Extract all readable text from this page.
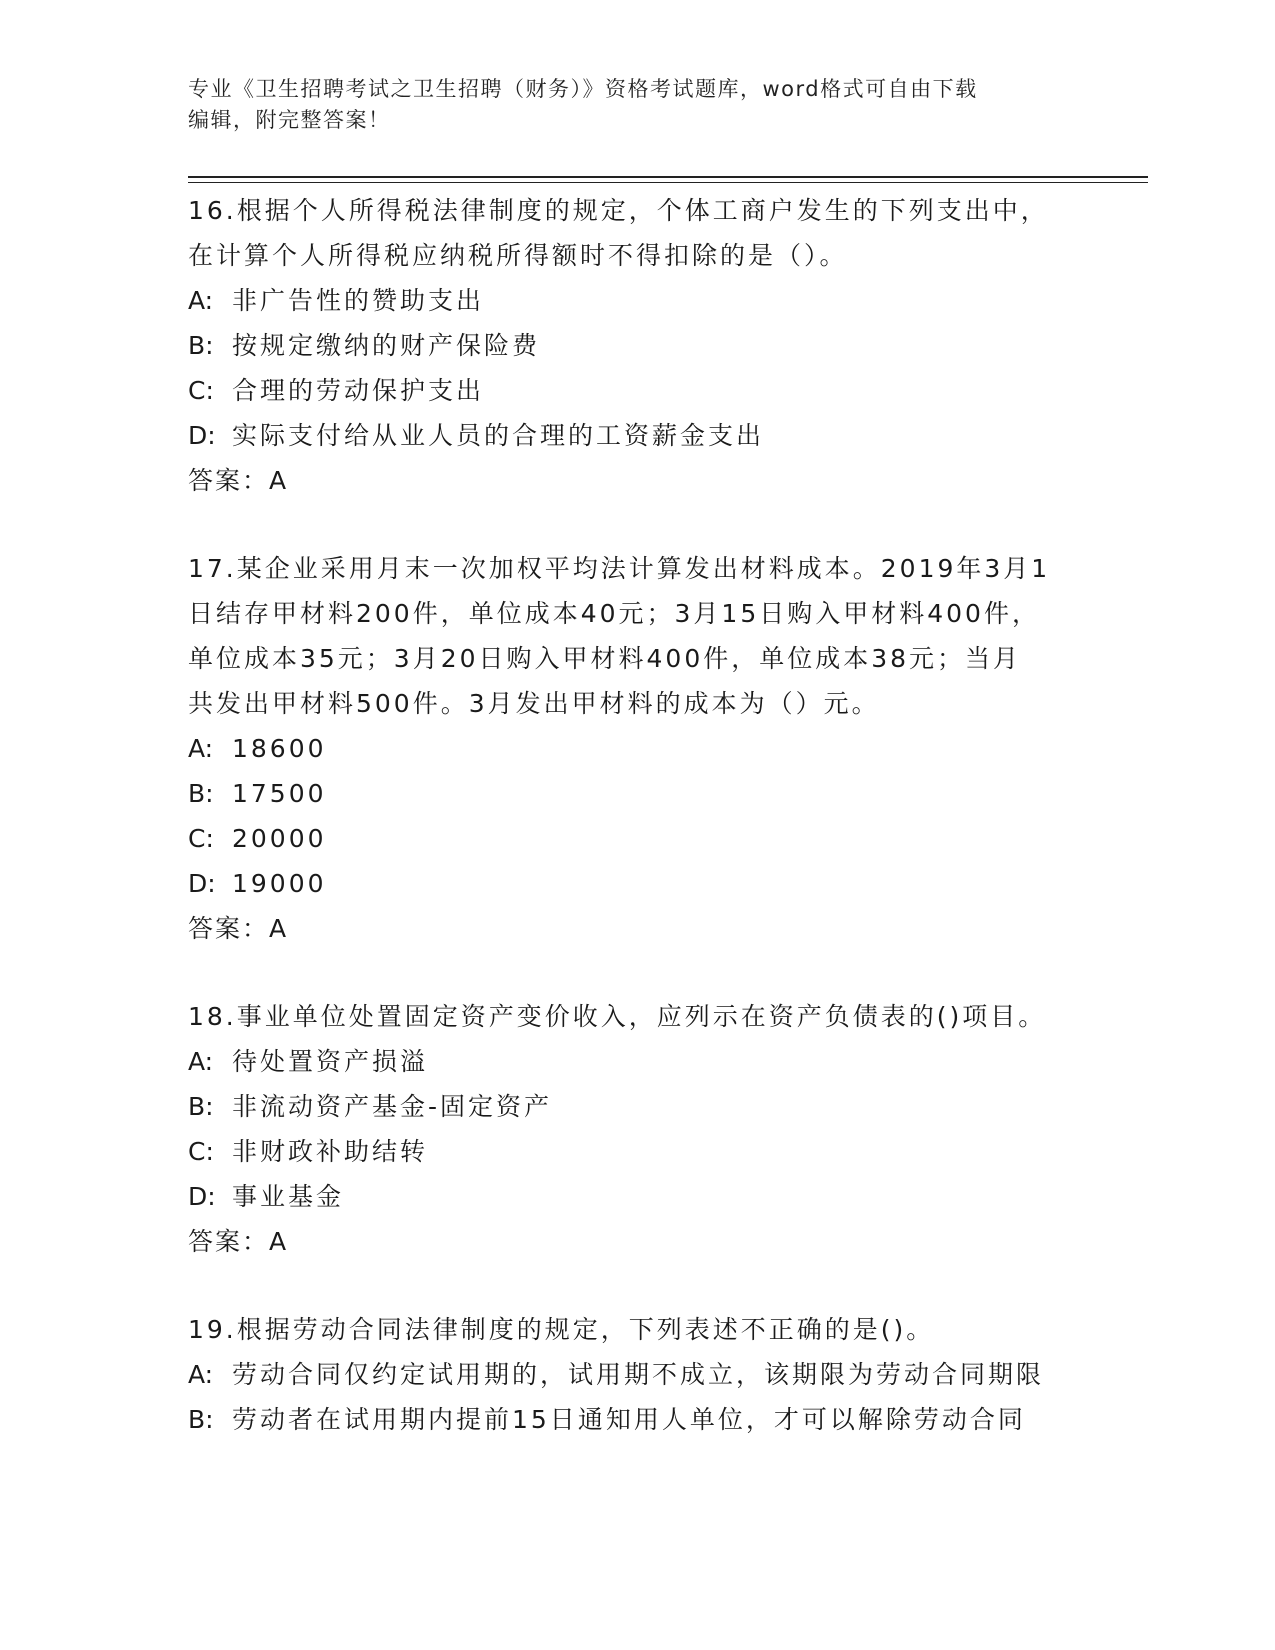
专业《卫生招聘考试之卫生招聘（财务）》资格考试题库，word格式可自由下载
编辑，附完整答案！

16.根据个人所得税法律制度的规定，个体工商户发生的下列支出中，

在计算个人所得税应纳税所得额时不得扣除的是（）。

A: 非广告性的赞助支出

B: 按规定缴纳的财产保险费

C: 合理的劳动保护支出

D: 实际支付给从业人员的合理的工资薪金支出

答案：A

17.某企业采用月末一次加权平均法计算发出材料成本。2019年3月1

日结存甲材料200件，单位成本40元；3月15日购入甲材料400件，

单位成本35元；3月20日购入甲材料400件，单位成本38元；当月

共发出甲材料500件。3月发出甲材料的成本为（）元。

A: 18600

B: 17500

C: 20000

D: 19000

答案：A

18.事业单位处置固定资产变价收入，应列示在资产负债表的()项目。

A: 待处置资产损溢

B: 非流动资产基金-固定资产

C: 非财政补助结转

D: 事业基金

答案：A

19.根据劳动合同法律制度的规定，下列表述不正确的是()。

A: 劳动合同仅约定试用期的，试用期不成立，该期限为劳动合同期限

B: 劳动者在试用期内提前15日通知用人单位，才可以解除劳动合同
